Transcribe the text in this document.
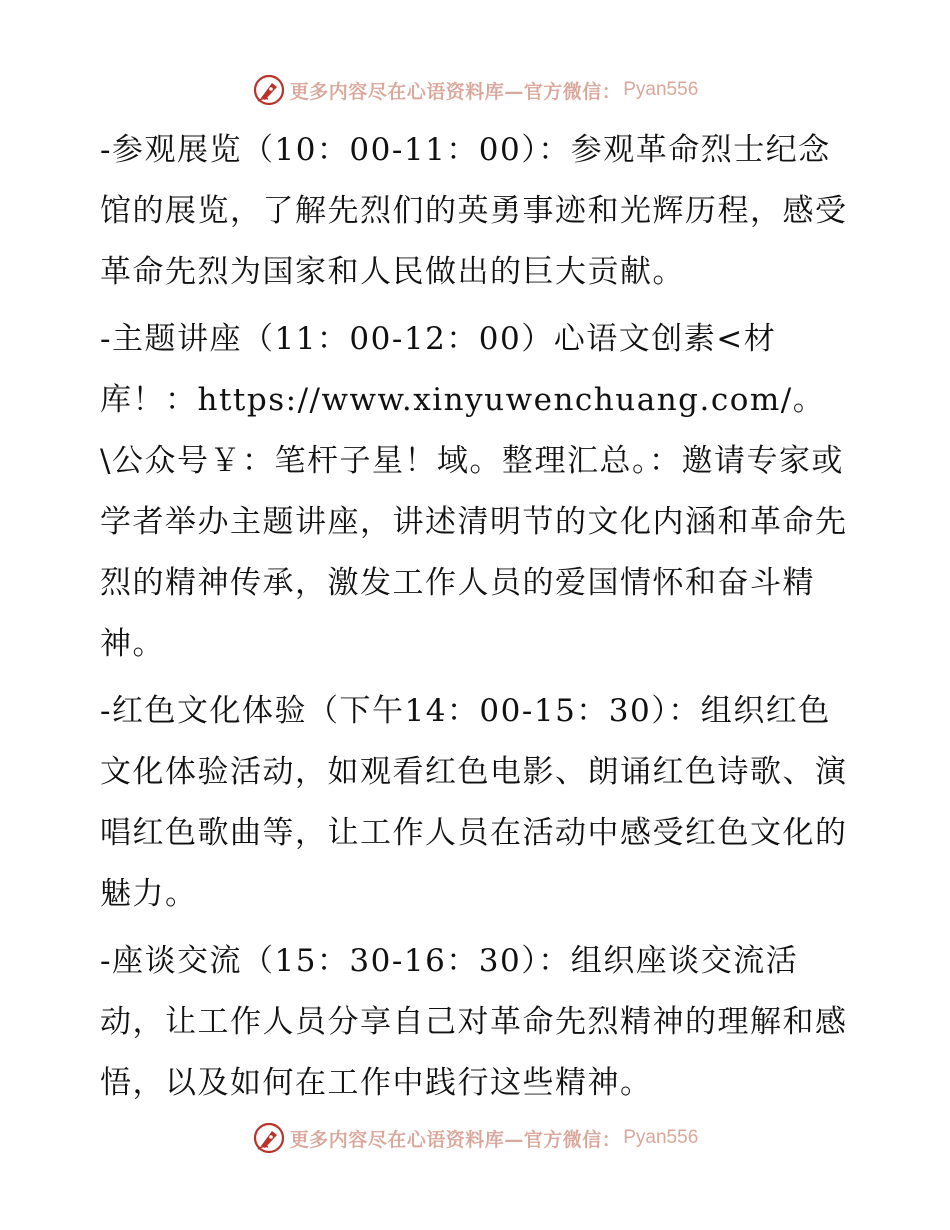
更多内容尽在心语资料库—官方微信： Pyan556

-参观展览（10：00-11：00）：参观革命烈士纪念馆的展览，了解先烈们的英勇事迹和光辉历程，感受革命先烈为国家和人民做出的巨大贡献。

-主题讲座（11：00-12：00）心语文创素<材库！：https://www.xinyuwenchuang.com/。\公众号￥：笔杆子星！域。整理汇总。：邀请专家或学者举办主题讲座，讲述清明节的文化内涵和革命先烈的精神传承，激发工作人员的爱国情怀和奋斗精神。

-红色文化体验（下午14：00-15：30）：组织红色文化体验活动，如观看红色电影、朗诵红色诗歌、演唱红色歌曲等，让工作人员在活动中感受红色文化的魅力。

-座谈交流（15：30-16：30）：组织座谈交流活动，让工作人员分享自己对革命先烈精神的理解和感悟，以及如何在工作中践行这些精神。

更多内容尽在心语资料库—官方微信： Pyan556
